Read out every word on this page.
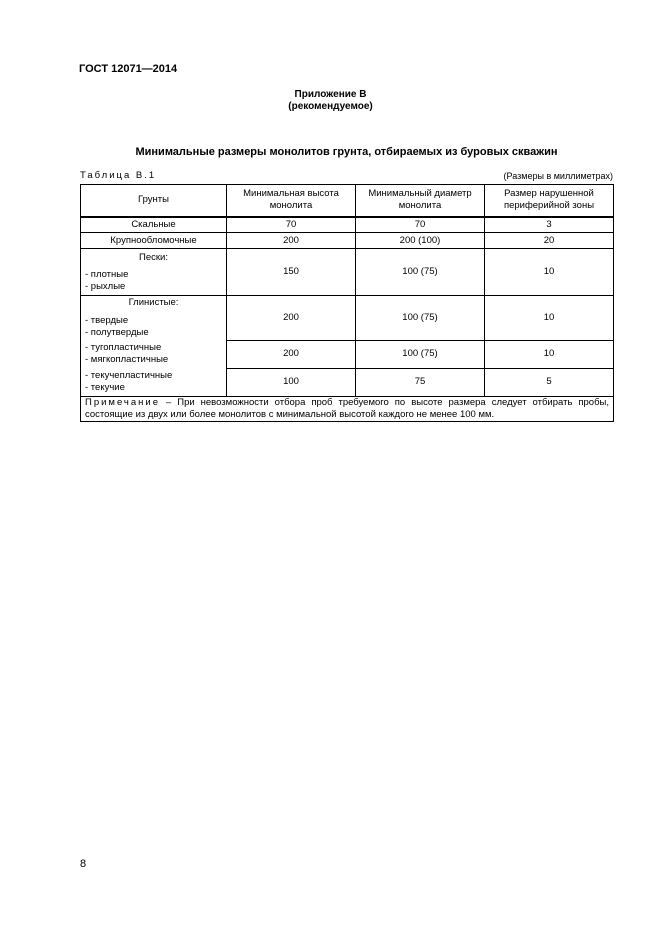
ГОСТ 12071—2014
Приложение В
(рекомендуемое)
Минимальные размеры монолитов грунта, отбираемых из буровых скважин
Таблица В.1	(Размеры в миллиметрах)
Грунты	Минимальная высота монолита	Минимальный диаметр монолита	Размер нарушенной периферийной зоны
Скальные	70	70	3
Крупнообломочные	200	200 (100)	20

Пески:
- плотные
- рыхлые	150	100 (75)	10

Глинистые:
- твердые
- полутвердые	200	100 (75)	10

- тугопластичные
- мягкопластичные	200	100 (75)	10

- текучепластичные
- текучие	100	75	5
Примечание – При невозможности отбора проб требуемого по высоте размера следует отбирать пробы, состоящие из двух или более монолитов с минимальной высотой каждого не менее 100 мм.			
8
